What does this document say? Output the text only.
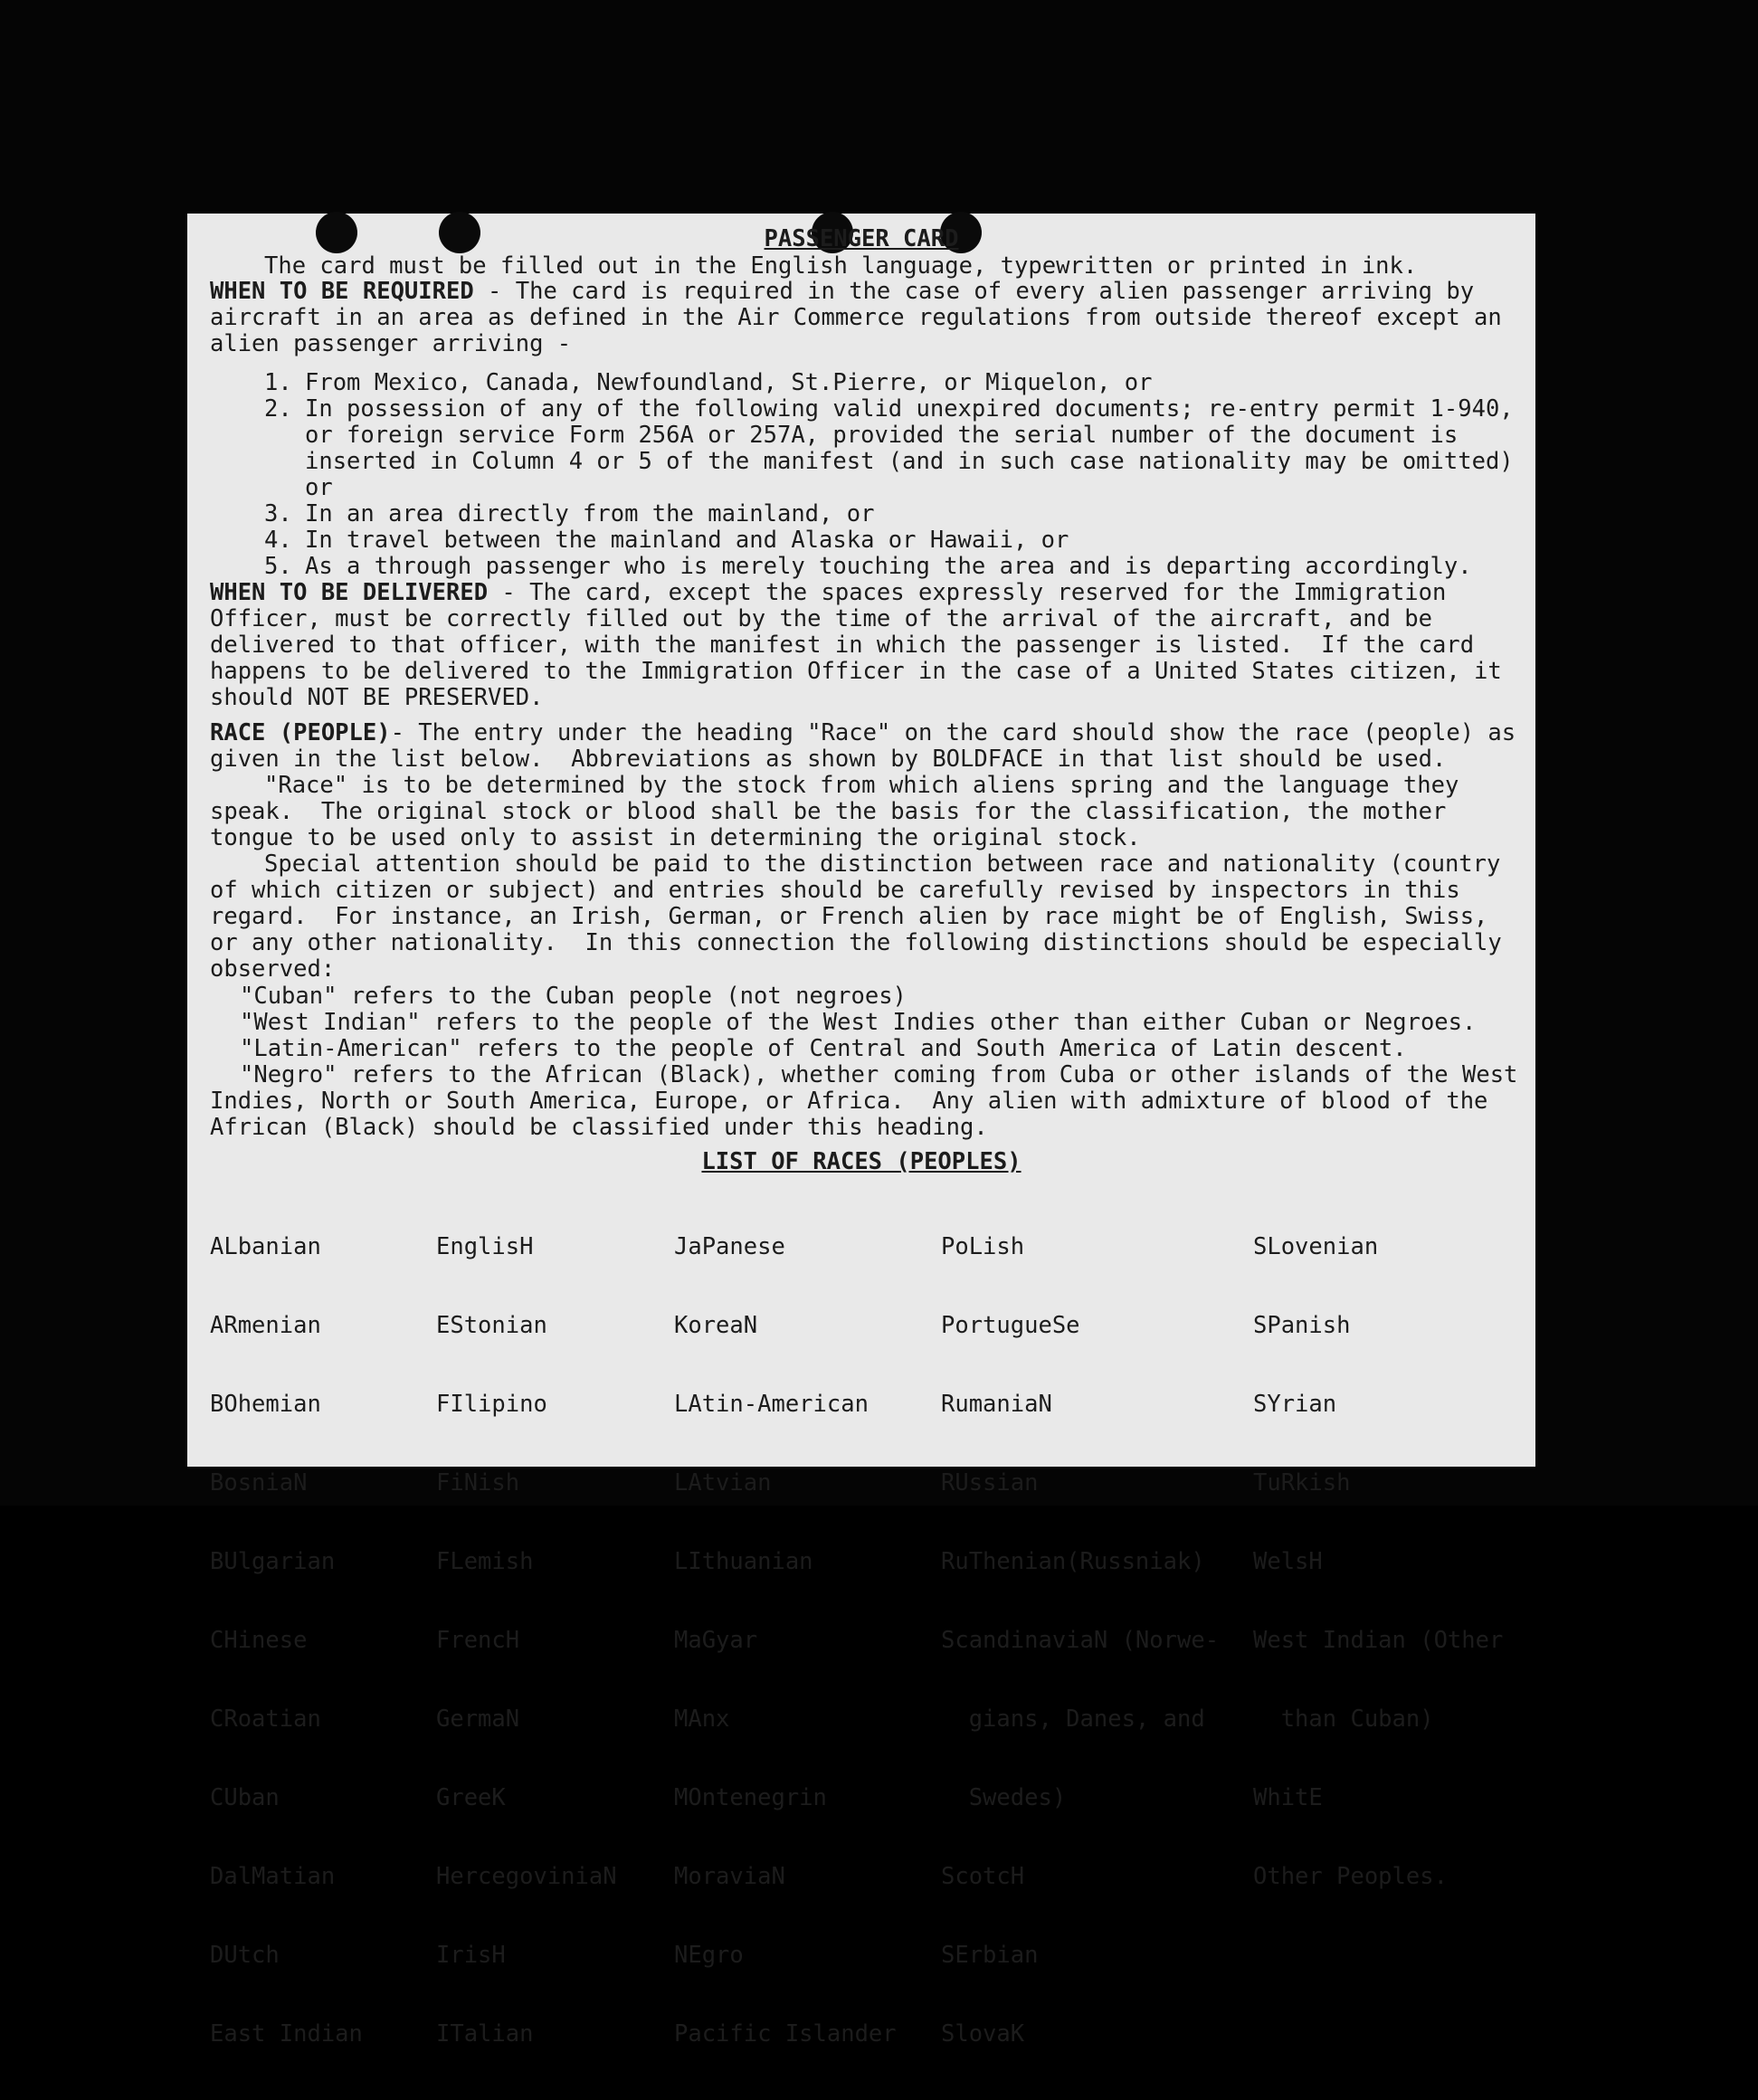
PASSENGER CARD

The card must be filled out in the English language, typewritten or printed in ink.

WHEN TO BE REQUIRED - The card is required in the case of every alien passenger arriving by aircraft in an area as defined in the Air Commerce regulations from outside thereof except an alien passenger arriving -

1. From Mexico, Canada, Newfoundland, St.Pierre, or Miquelon, or
2. In possession of any of the following valid unexpired documents; re-entry permit 1-940, or foreign service Form 256A or 257A, provided the serial number of the document is inserted in Column 4 or 5 of the manifest (and in such case nationality may be omitted) or
3. In an area directly from the mainland, or
4. In travel between the mainland and Alaska or Hawaii, or
5. As a through passenger who is merely touching the area and is departing accordingly.

WHEN TO BE DELIVERED - The card, except the spaces expressly reserved for the Immigration Officer, must be correctly filled out by the time of the arrival of the aircraft, and be delivered to that officer, with the manifest in which the passenger is listed.  If the card happens to be delivered to the Immigration Officer in the case of a United States citizen, it should NOT BE PRESERVED.

RACE (PEOPLE)- The entry under the heading "Race" on the card should show the race (people) as given in the list below.  Abbreviations as shown by BOLDFACE in that list should be used.

"Race" is to be determined by the stock from which aliens spring and the language they speak.  The original stock or blood shall be the basis for the classification, the mother tongue to be used only to assist in determining the original stock.

Special attention should be paid to the distinction between race and nationality (country of which citizen or subject) and entries should be carefully revised by inspectors in this regard.  For instance, an Irish, German, or French alien by race might be of English, Swiss, or any other nationality.  In this connection the following distinctions should be especially observed:

"Cuban" refers to the Cuban people (not negroes)

"West Indian" refers to the people of the West Indies other than either Cuban or Negroes.

"Latin-American" refers to the people of Central and South America of Latin descent.

"Negro" refers to the African (Black), whether coming from Cuba or other islands of the West Indies, North or South America, Europe, or Africa.  Any alien with admixture of blood of the African (Black) should be classified under this heading.

LIST OF RACES (PEOPLES)

ALbanian

ARmenian

BOhemian

BosniaN

BUlgarian

CHinese

CRoatian

CUban

DalMatian

DUtch

East Indian

EnglisH

EStonian

FIlipino

FiNish

FLemish

FrencH

GermaN

GreeK

HercegoviniaN

IrisH

ITalian

JaPanese

KoreaN

LAtin-American

LAtvian

LIthuanian

MaGyar

MAnx

MOntenegrin

MoraviaN

NEgro

Pacific Islander

PoLish

PortugueSe

RumaniaN

RUssian

RuThenian(Russniak)

ScandinaviaN (Norwe-

gians, Danes, and

Swedes)

ScotcH

SErbian

SlovaK

SLovenian

SPanish

SYrian

TuRkish

WelsH

West Indian (Other

than Cuban)

WhitE

Other Peoples.
